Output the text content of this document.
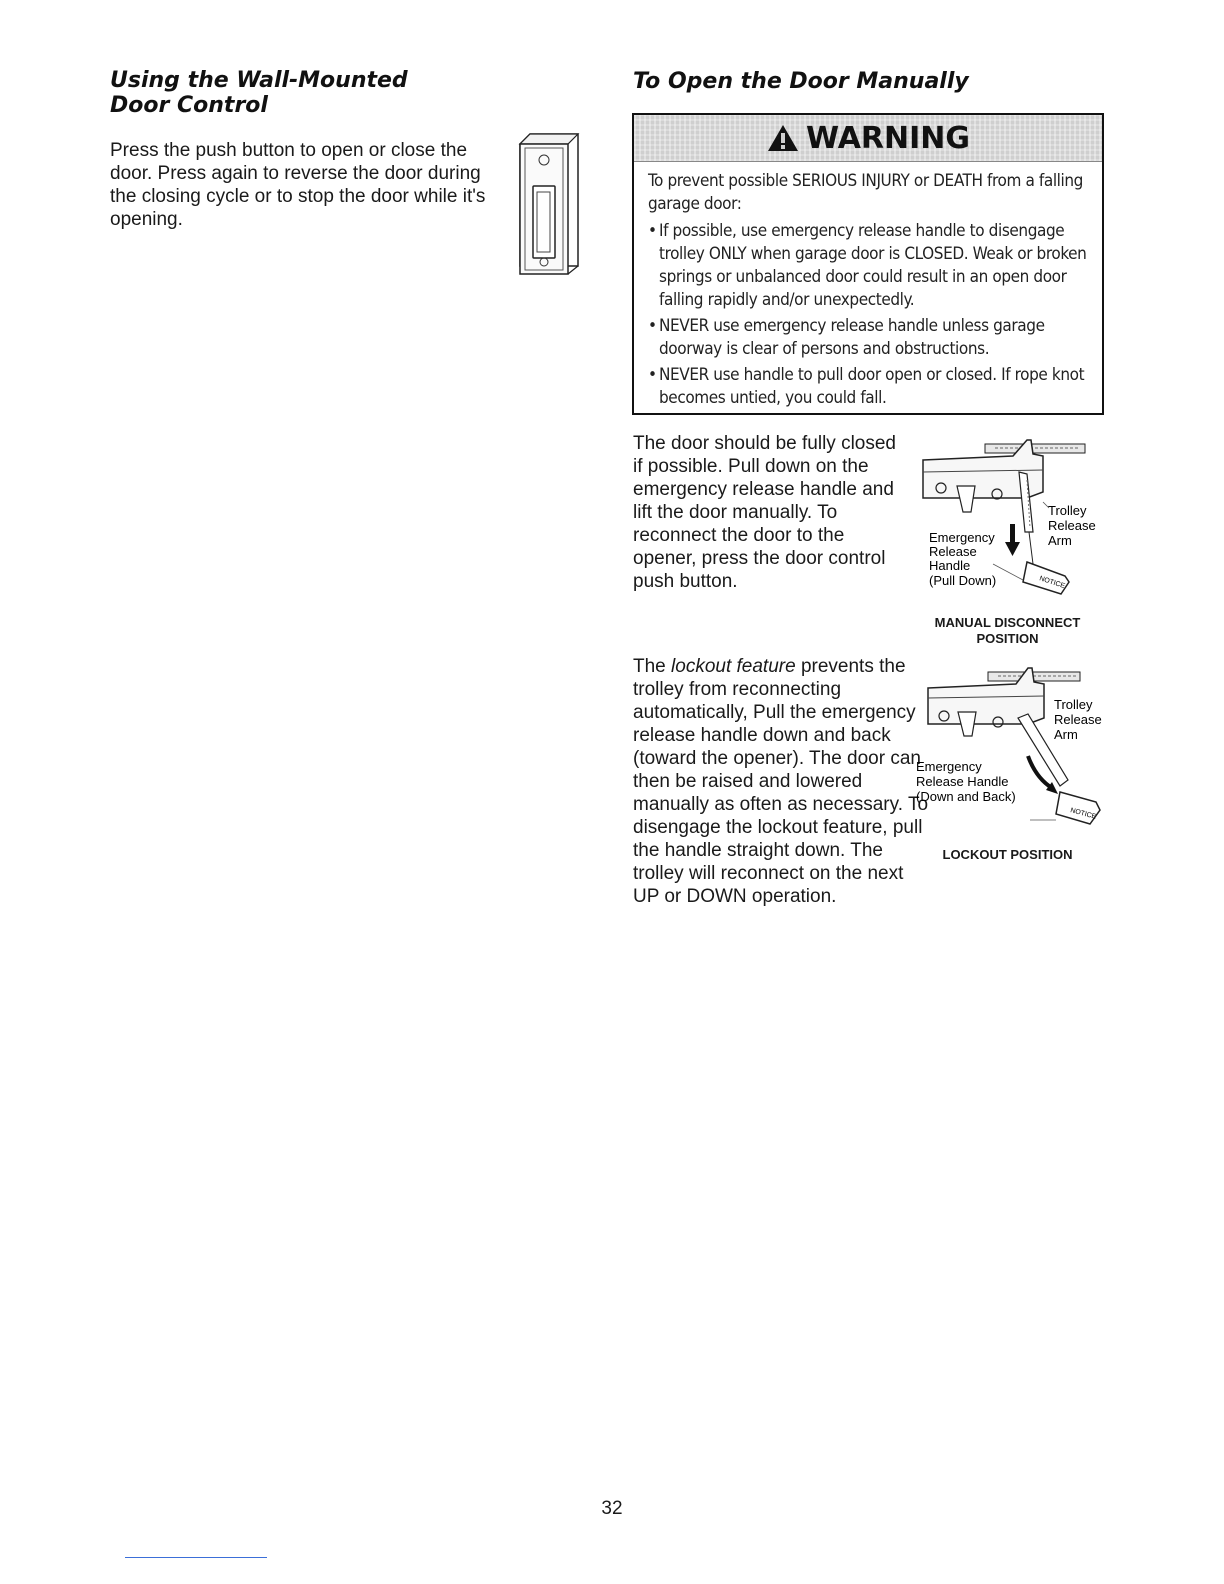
Using the Wall-Mounted
Door Control

Press the push button to open or close the door. Press again to reverse the door during the closing cycle or to stop the door while it's opening.

To Open the Door Manually
WARNING

To prevent possible SERIOUS INJURY or DEATH from a falling garage door:

• If possible, use emergency release handle to disengage trolley ONLY when garage door is CLOSED. Weak or broken springs or unbalanced door could result in an open door falling rapidly and/or unexpectedly.
• NEVER use emergency release handle unless garage doorway is clear of persons and obstructions.
• NEVER use handle to pull door open or closed. If rope knot becomes untied, you could fall.

The door should be fully closed if possible. Pull down on the emergency release handle and lift the door manually. To reconnect the door to the opener, press the door control push button.	NOTICE
Trolley
Release
Arm
Emergency
Release
Handle
(Pull Down)

MANUAL DISCONNECT
POSITION

The lockout feature prevents the trolley from reconnecting automatically, Pull the emergency release handle down and back (toward the opener). The door can then be raised and lowered manually as often as necessary. To disengage the lockout feature, pull the handle straight down. The trolley will reconnect on the next UP or DOWN operation.

NOTICE
Trolley
Release
Arm
Emergency
Release Handle
(Down and Back)

LOCKOUT POSITION

32
